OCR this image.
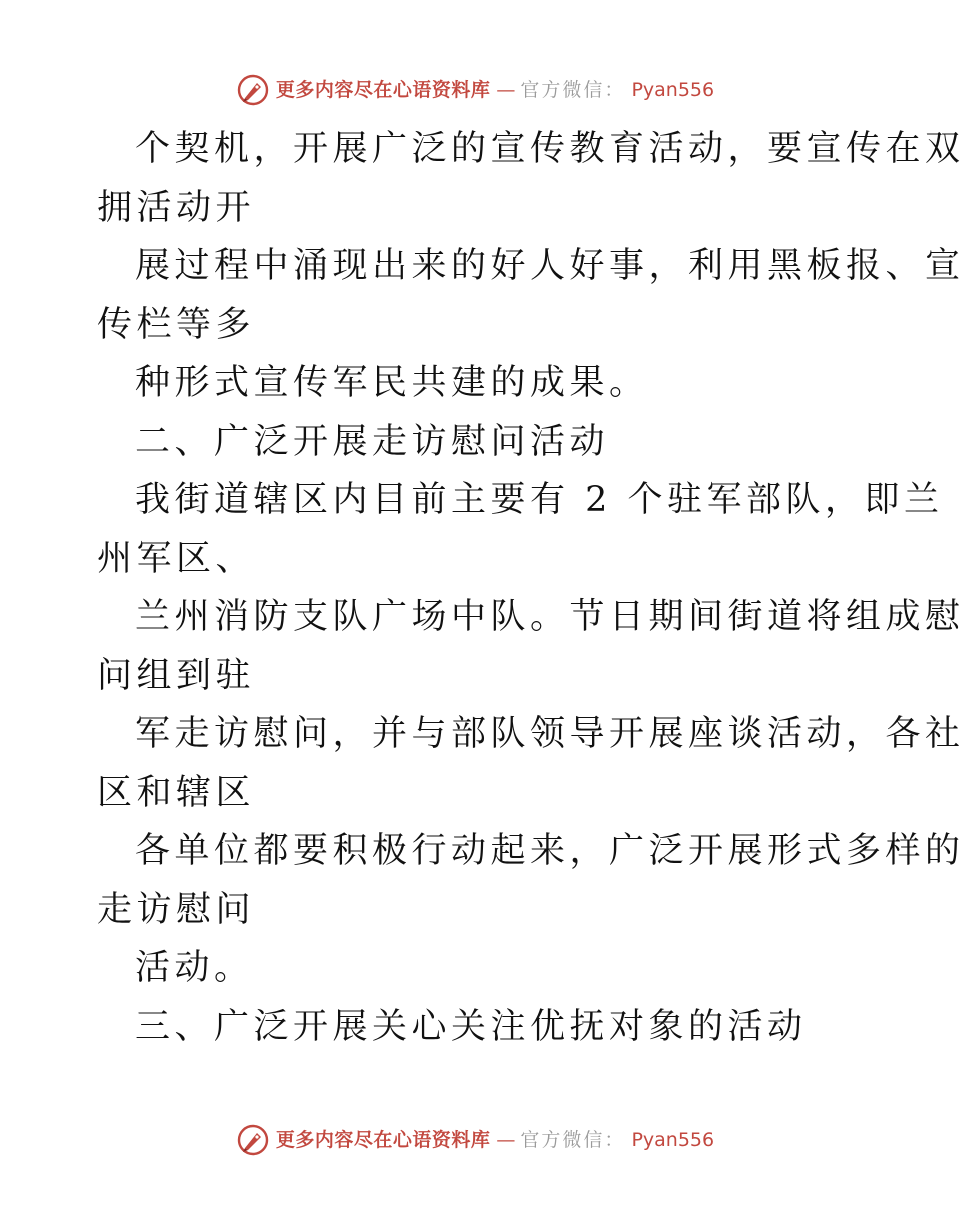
更多内容尽在心语资料库 — 官方微信： Pyan556
个契机，开展广泛的宣传教育活动，要宣传在双
拥活动开
展过程中涌现出来的好人好事，利用黑板报、宣
传栏等多
种形式宣传军民共建的成果。
二、广泛开展走访慰问活动
我街道辖区内目前主要有 2 个驻军部队，即兰
州军区、
兰州消防支队广场中队。节日期间街道将组成慰
问组到驻
军走访慰问，并与部队领导开展座谈活动，各社
区和辖区
各单位都要积极行动起来，广泛开展形式多样的
走访慰问
活动。
三、广泛开展关心关注优抚对象的活动
更多内容尽在心语资料库 — 官方微信： Pyan556
